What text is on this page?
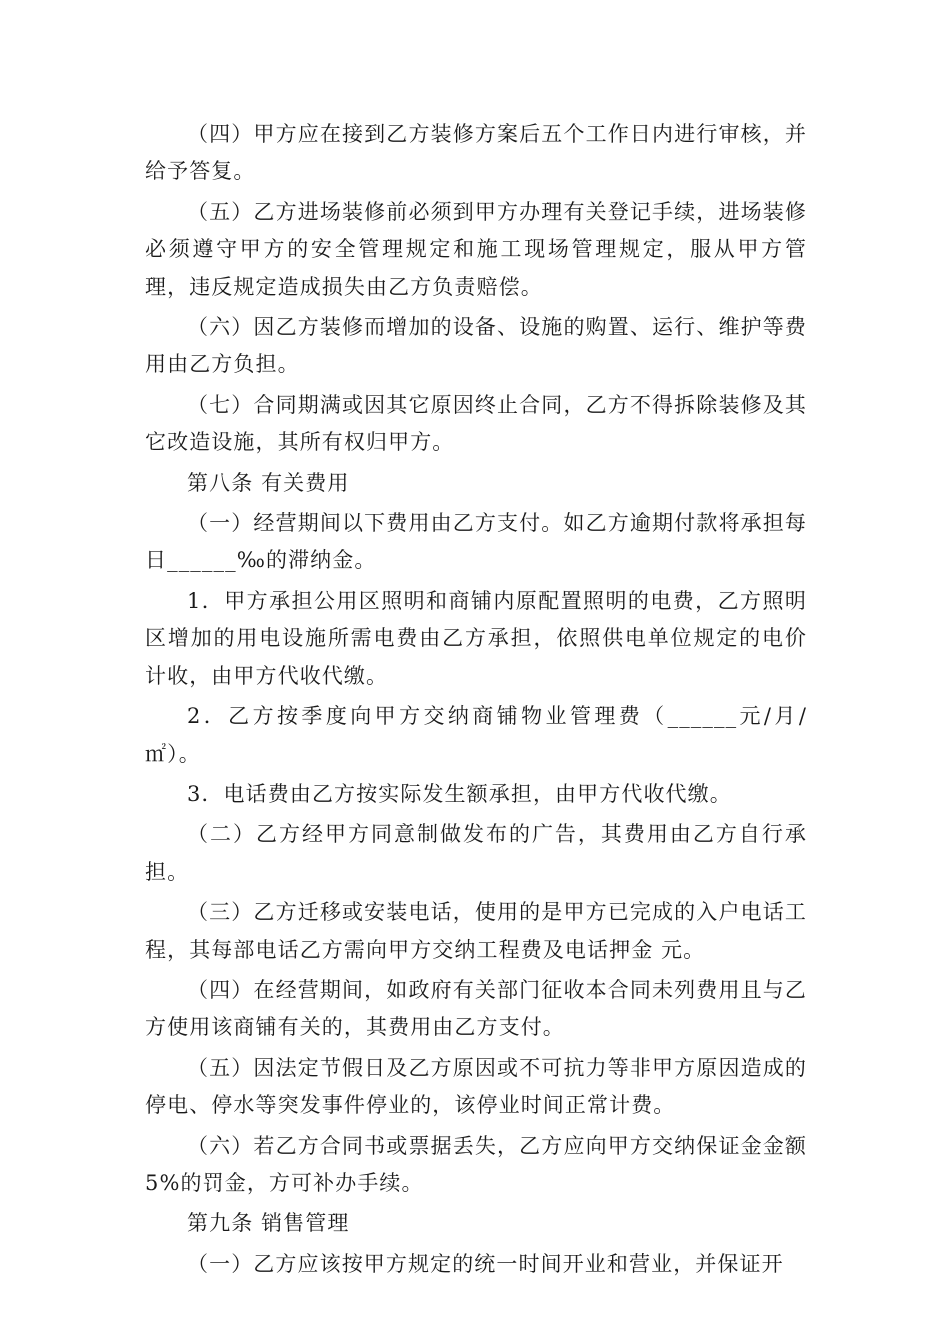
（四）甲方应在接到乙方装修方案后五个工作日内进行审核，并给予答复。

（五）乙方进场装修前必须到甲方办理有关登记手续，进场装修必须遵守甲方的安全管理规定和施工现场管理规定，服从甲方管理，违反规定造成损失由乙方负责赔偿。

（六）因乙方装修而增加的设备、设施的购置、运行、维护等费用由乙方负担。

（七）合同期满或因其它原因终止合同，乙方不得拆除装修及其它改造设施，其所有权归甲方。

第八条 有关费用

（一）经营期间以下费用由乙方支付。如乙方逾期付款将承担每日______‰的滞纳金。

1．甲方承担公用区照明和商铺内原配置照明的电费，乙方照明区增加的用电设施所需电费由乙方承担，依照供电单位规定的电价计收，由甲方代收代缴。

2．乙方按季度向甲方交纳商铺物业管理费（______元/月/㎡）。

3．电话费由乙方按实际发生额承担，由甲方代收代缴。

（二）乙方经甲方同意制做发布的广告，其费用由乙方自行承担。

（三）乙方迁移或安装电话，使用的是甲方已完成的入户电话工程，其每部电话乙方需向甲方交纳工程费及电话押金 元。

（四）在经营期间，如政府有关部门征收本合同未列费用且与乙方使用该商铺有关的，其费用由乙方支付。

（五）因法定节假日及乙方原因或不可抗力等非甲方原因造成的停电、停水等突发事件停业的，该停业时间正常计费。

（六）若乙方合同书或票据丢失，乙方应向甲方交纳保证金金额5%的罚金，方可补办手续。

第九条 销售管理

（一）乙方应该按甲方规定的统一时间开业和营业，并保证开
